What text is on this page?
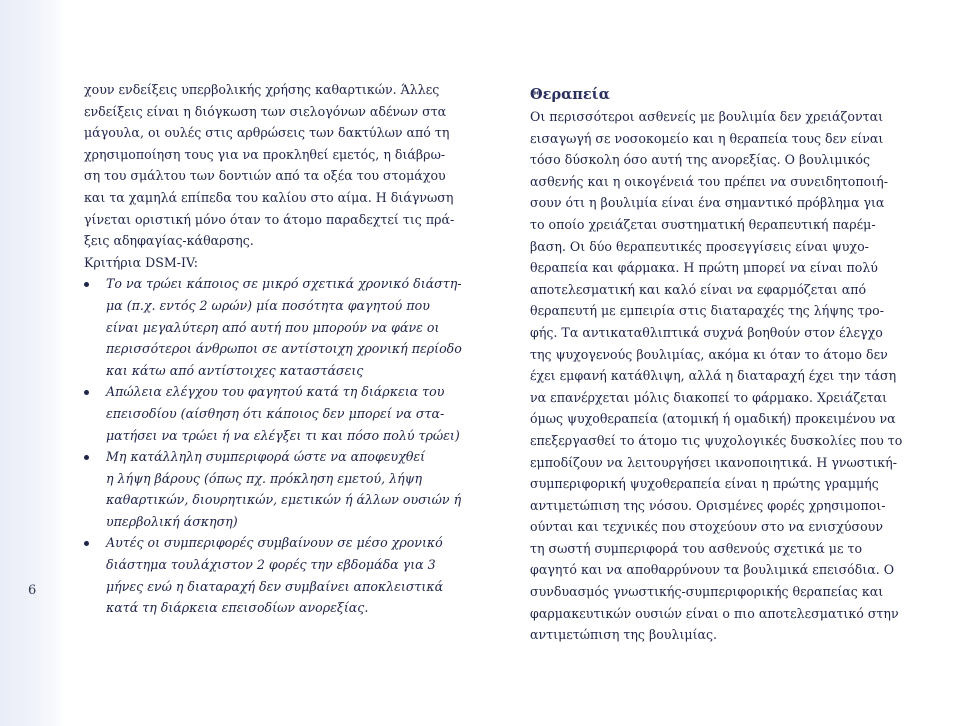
6
χουν ενδείξεις υπερβολικής χρήσης καθαρτικών. Άλλες
ενδείξεις είναι η διόγκωση των σιελογόνων αδένων στα
μάγουλα, οι ουλές στις αρθρώσεις των δακτύλων από τη
χρησιμοποίηση τους για να προκληθεί εμετός, η διάβρω-
ση του σμάλτου των δοντιών από τα οξέα του στομάχου
και τα χαμηλά επίπεδα του καλίου στο αίμα. Η διάγνωση
γίνεται οριστική μόνο όταν το άτομο παραδεχτεί τις πρά-
ξεις αδηφαγίας-κάθαρσης.
Κριτήρια DSM-IV:
Το να τρώει κάποιος σε μικρό σχετικά χρονικό διάστη-
μα (π.χ. εντός 2 ωρών) μία ποσότητα φαγητού που
είναι μεγαλύτερη από αυτή που μπορούν να φάνε οι
περισσότεροι άνθρωποι σε αντίστοιχη χρονική περίοδο
και κάτω από αντίστοιχες καταστάσεις
Απώλεια ελέγχου του φαγητού κατά τη διάρκεια του
επεισοδίου (αίσθηση ότι κάποιος δεν μπορεί να στα-
ματήσει να τρώει ή να ελέγξει τι και πόσο πολύ τρώει)
Μη κατάλληλη συμπεριφορά ώστε να αποφευχθεί
η λήψη βάρους (όπως πχ. πρόκληση εμετού, λήψη
καθαρτικών, διουρητικών, εμετικών ή άλλων ουσιών ή
υπερβολική άσκηση)
Αυτές οι συμπεριφορές συμβαίνουν σε μέσο χρονικό
διάστημα τουλάχιστον 2 φορές την εβδομάδα για 3
μήνες ενώ η διαταραχή δεν συμβαίνει αποκλειστικά
κατά τη διάρκεια επεισοδίων ανορεξίας.
Θεραπεία
Οι περισσότεροι ασθενείς με βουλιμία δεν χρειάζονται
εισαγωγή σε νοσοκομείο και η θεραπεία τους δεν είναι
τόσο δύσκολη όσο αυτή της ανορεξίας. Ο βουλιμικός
ασθενής και η οικογένειά του πρέπει να συνειδητοποιή-
σουν ότι η βουλιμία είναι ένα σημαντικό πρόβλημα για
το οποίο χρειάζεται συστηματική θεραπευτική παρέμ-
βαση. Οι δύο θεραπευτικές προσεγγίσεις είναι ψυχο-
θεραπεία και φάρμακα. Η πρώτη μπορεί να είναι πολύ
αποτελεσματική και καλό είναι να εφαρμόζεται από
θεραπευτή με εμπειρία στις διαταραχές της λήψης τρο-
φής. Τα αντικαταθλιπτικά συχνά βοηθούν στον έλεγχο
της ψυχογενούς βουλιμίας, ακόμα κι όταν το άτομο δεν
έχει εμφανή κατάθλιψη, αλλά η διαταραχή έχει την τάση
να επανέρχεται μόλις διακοπεί το φάρμακο. Χρειάζεται
όμως ψυχοθεραπεία (ατομική ή ομαδική) προκειμένου να
επεξεργασθεί το άτομο τις ψυχολογικές δυσκολίες που το
εμποδίζουν να λειτουργήσει ικανοποιητικά. Η γνωστική-
συμπεριφορική ψυχοθεραπεία είναι η πρώτης γραμμής
αντιμετώπιση της νόσου. Ορισμένες φορές χρησιμοποι-
ούνται και τεχνικές που στοχεύουν στο να ενισχύσουν
τη σωστή συμπεριφορά του ασθενούς σχετικά με το
φαγητό και να αποθαρρύνουν τα βουλιμικά επεισόδια. Ο
συνδυασμός γνωστικής-συμπεριφορικής θεραπείας και
φαρμακευτικών ουσιών είναι ο πιο αποτελεσματικό στην
αντιμετώπιση της βουλιμίας.
